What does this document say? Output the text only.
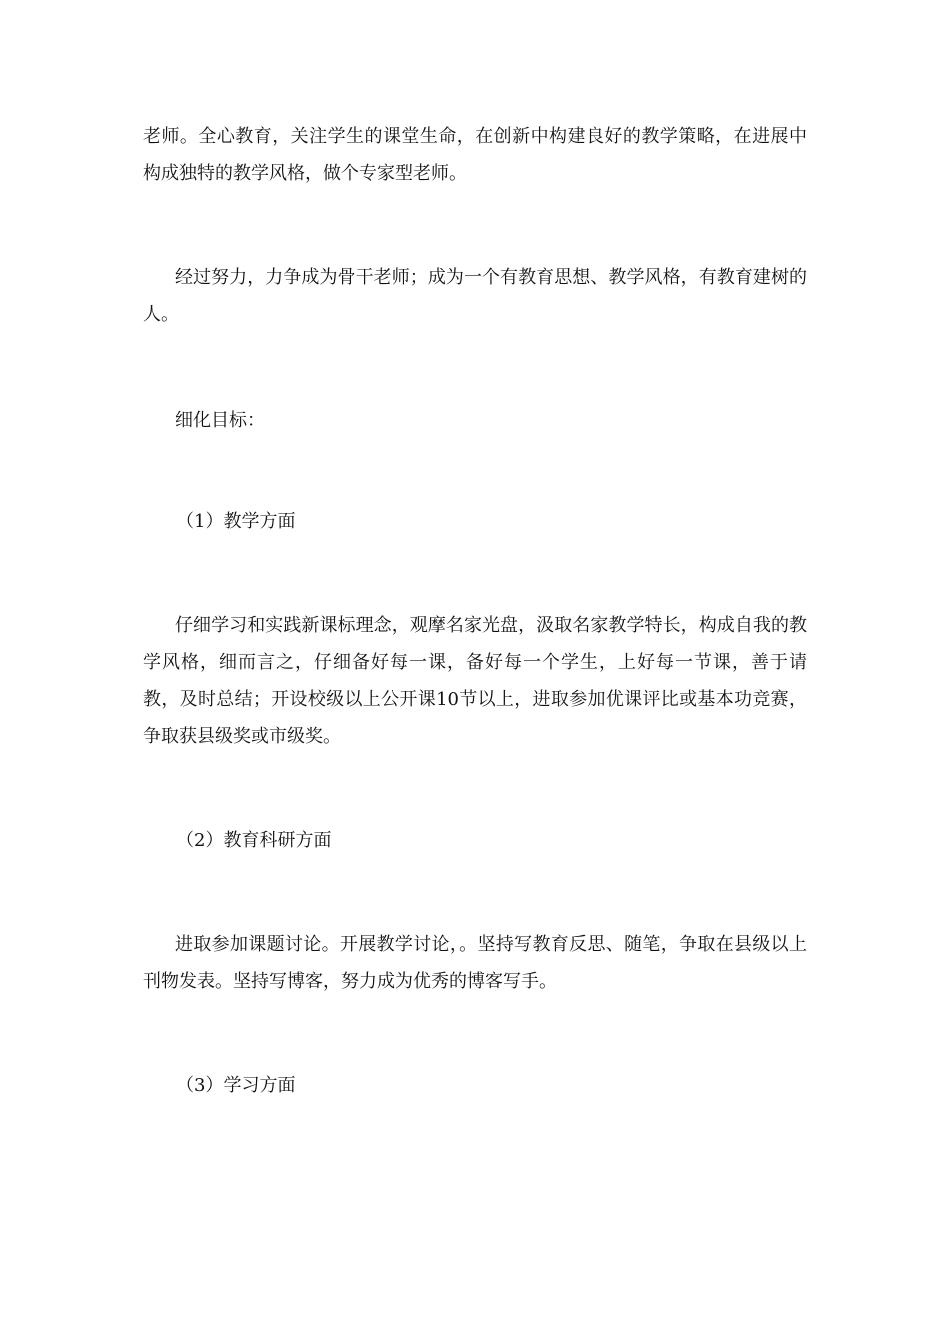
老师。全心教育，关注学生的课堂生命，在创新中构建良好的教学策略，在进展中构成独特的教学风格，做个专家型老师。

经过努力，力争成为骨干老师；成为一个有教育思想、教学风格，有教育建树的人。

细化目标：

（1）教学方面

仔细学习和实践新课标理念，观摩名家光盘，汲取名家教学特长，构成自我的教学风格，细而言之，仔细备好每一课，备好每一个学生，上好每一节课，善于请教，及时总结；开设校级以上公开课10节以上，进取参加优课评比或基本功竞赛，争取获县级奖或市级奖。

（2）教育科研方面

进取参加课题讨论。开展教学讨论，。坚持写教育反思、随笔，争取在县级以上刊物发表。坚持写博客，努力成为优秀的博客写手。

（3）学习方面
